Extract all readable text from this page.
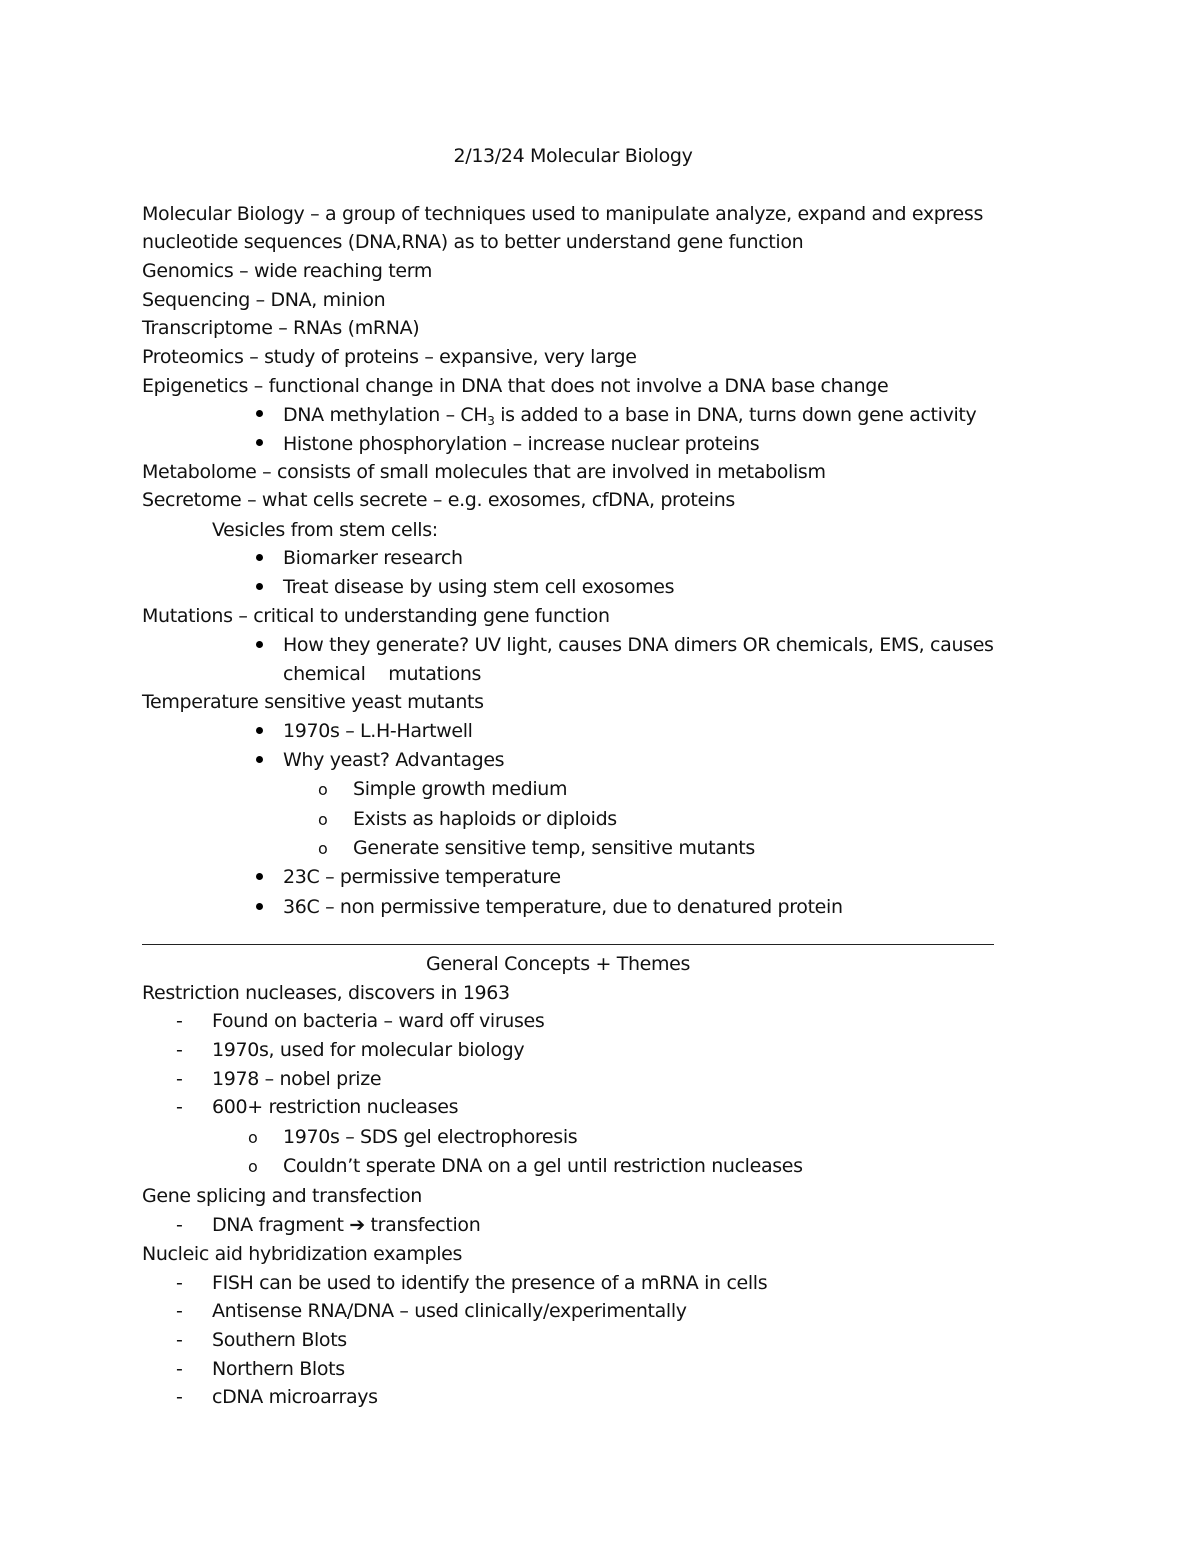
2/13/24 Molecular Biology
Molecular Biology – a group of techniques used to manipulate analyze, expand and express
nucleotide sequences (DNA,RNA) as to better understand gene function
Genomics – wide reaching term
Sequencing – DNA, minion
Transcriptome – RNAs (mRNA)
Proteomics – study of proteins – expansive, very large
Epigenetics – functional change in DNA that does not involve a DNA base change
DNA methylation – $CH_3$ is added to a base in DNA, turns down gene activity
Histone phosphorylation – increase nuclear proteins
Metabolome – consists of small molecules that are involved in metabolism
Secretome – what cells secrete – e.g. exosomes, cfDNA, proteins
Vesicles from stem cells:
Biomarker research
Treat disease by using stem cell exosomes
Mutations – critical to understanding gene function
How they generate? UV light, causes DNA dimers OR chemicals, EMS, causes
chemical    mutations
Temperature sensitive yeast mutants
1970s – L.H-Hartwell
Why yeast? Advantages
o Simple growth medium
o Exists as haploids or diploids
o Generate sensitive temp, sensitive mutants
23C – permissive temperature
36C – non permissive temperature, due to denatured protein
General Concepts + Themes
Restriction nucleases, discovers in 1963
- Found on bacteria – ward off viruses
- 1970s, used for molecular biology
- 1978 – nobel prize
- 600+ restriction nucleases
o 1970s – SDS gel electrophoresis
o Couldn’t sperate DNA on a gel until restriction nucleases
Gene splicing and transfection
- DNA fragment ➔ transfection
Nucleic aid hybridization examples
- FISH can be used to identify the presence of a mRNA in cells
- Antisense RNA/DNA – used clinically/experimentally
- Southern Blots
- Northern Blots
- cDNA microarrays
